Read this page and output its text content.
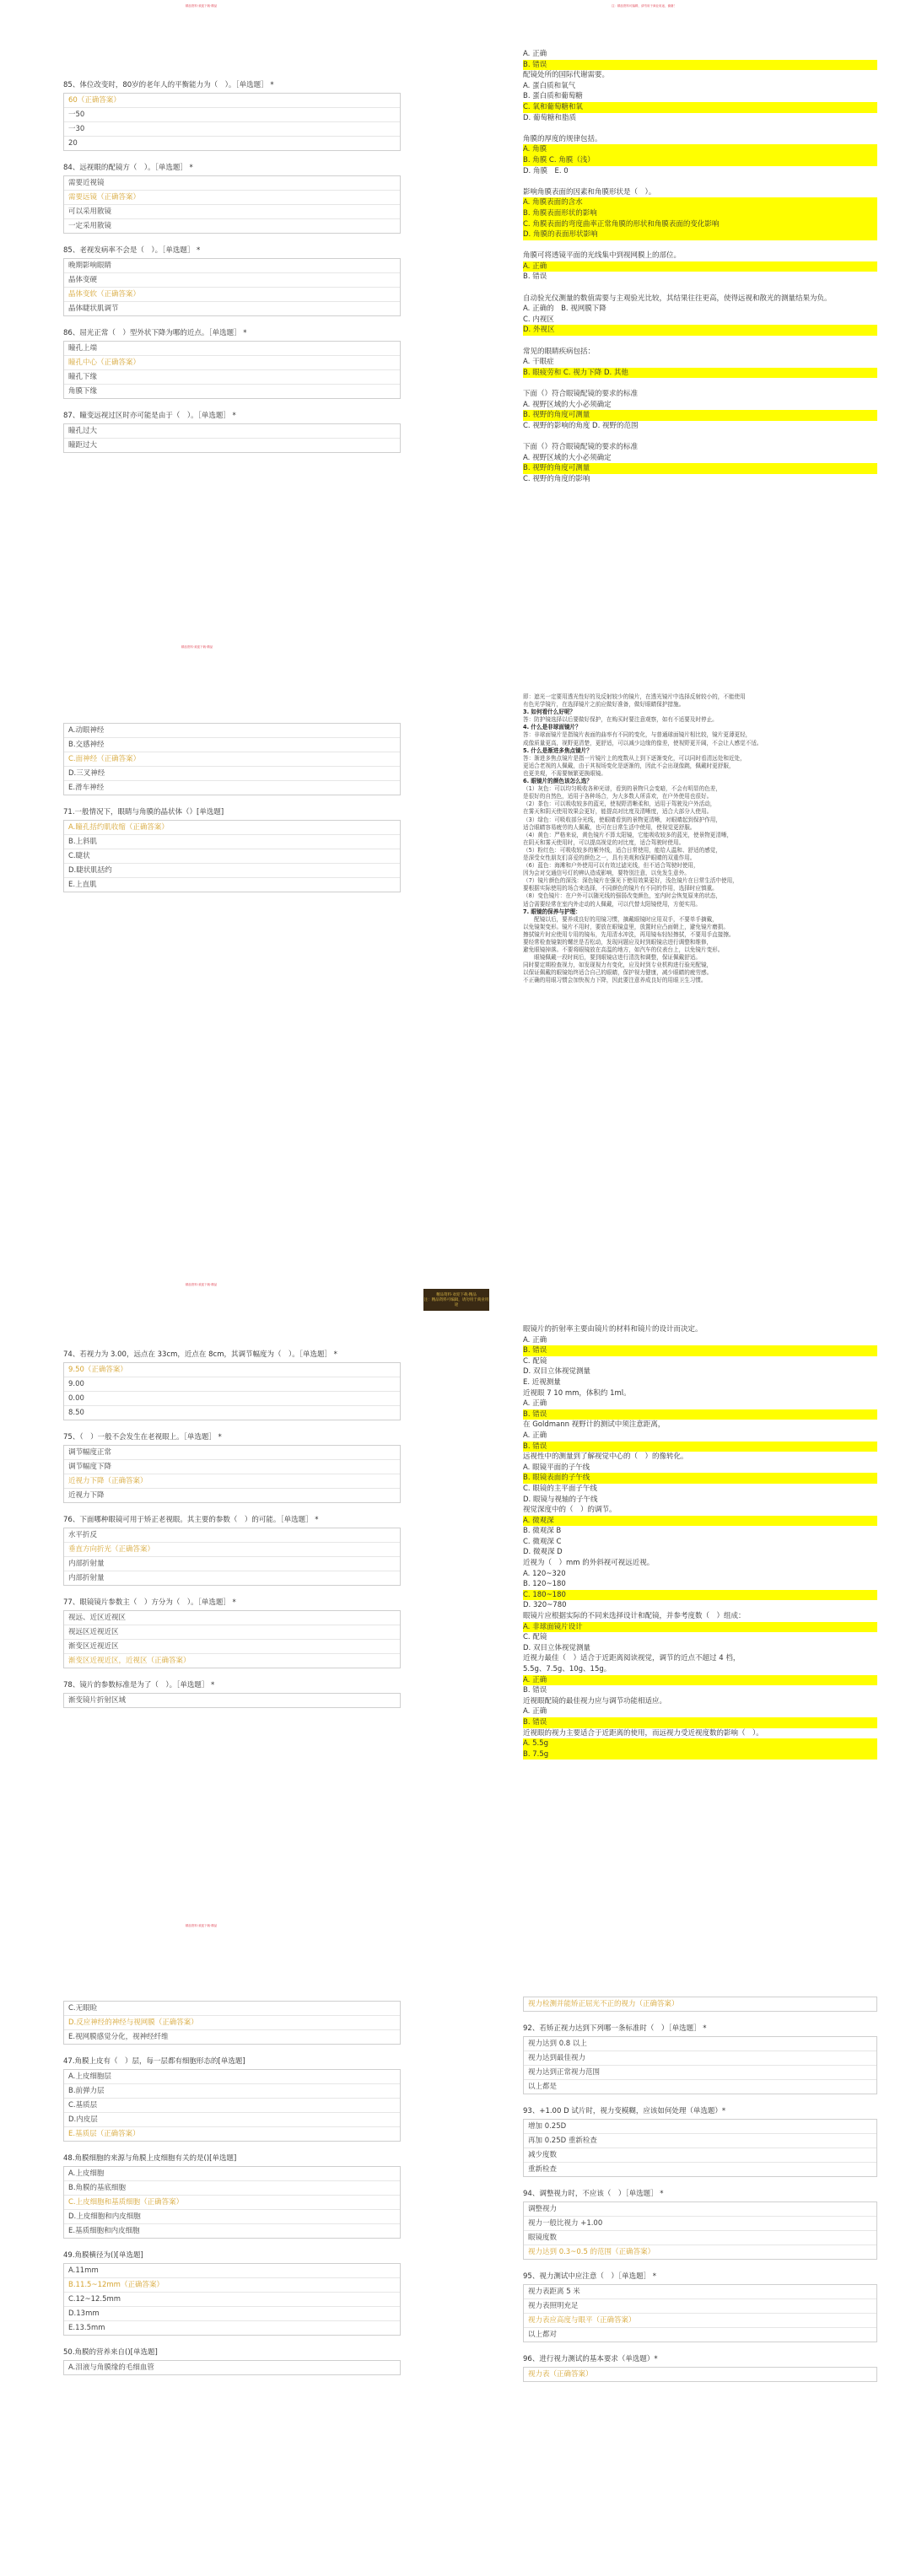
精品资料·欢迎下载·精品	注：精品资料可编辑，请勿用于商业用途，谢谢！
精品资料·欢迎下载·精品
精品资料·欢迎下载·精品
精品资料·欢迎下载·精品
精品资料·欢迎下载·精品
注：精品资料可编辑，请勿用于商业用途
85、体位改变时，80岁的老年人的平衡能力为（　）。［单选题］ *
60（正确答案）
一50
一30
20
84、远视眼的配镜方（　）。［单选题］ *
需要近视镜
需要远镜（正确答案）
可以采用散镜
一定采用散镜
85、老视发病率不会是（　）。［单选题］ *
晚期影响眼睛
晶体变硬
晶体变软（正确答案）
晶体睫状肌调节
86、屈光正常（　）型外状下降为哪的近点。［单选题］ *
瞳孔上端
瞳孔中心（正确答案）
瞳孔下缘
角膜下缘
87、瞳变远视过区时亦可能是由于（　）。［单选题］ *
瞳孔过大
瞳距过大
A. 正确
B. 错误
配镜处所的国际代谢需要。
A. 蛋白质和氧气
B. 蛋白质和葡萄糖
C. 氧和葡萄糖和氧
D. 葡萄糖和脂质
角膜的厚度的规律包括。
A. 角膜
B. 角膜 C. 角膜（浅）
D. 角膜　E. 0
影响角膜表面的因素和角膜形状是（　）。
A. 角膜表面的含水
B. 角膜表面形状的影响
C. 角膜表面的弯度曲率正常角膜的形状和角膜表面的变化影响
D. 角膜的表面形状影响
角膜可将透镜平面的光线集中到视网膜上的部位。
A. 正确
B. 错误
自动验光仪测量的数值需要与主观验光比较，其结果往往更高，使得远视和散光的测量结果为负。
A. 正确的　B. 视网膜下降
C. 内视区
D. 外视区
常见的眼睛疾病包括：
A. 干眼症
B. 眼疲劳和 C. 视力下降 D. 其他
下面（）符合眼镜配镜的要求的标准
A. 视野区域的大小必须确定
B. 视野的角度可测量
C. 视野的影响的角度 D. 视野的范围
下面（）符合眼镜配镜的要求的标准
A. 视野区域的大小必须确定
B. 视野的角度可测量
C. 视野的角度的影响
A.动眼神经
B.交感神经
C.面神经（正确答案）
D.三叉神经
E.滑车神经
71.一般情况下，眼睛与角膜的晶状体（）[单选题]
A.瞳孔括约肌收缩（正确答案）
B.上斜肌
C.睫状
D.睫状肌括约
E.上直肌
即：遮光一定要用透光性好的及反射较少的镜片，在透光镜片中选择反射较小的，不能使用
有色光学镜片，在选择镜片之前应做好准备，做好眼睛保护措施。
3. 如何看什么好呢？
答：防护镜选择以后要做好保护，在购买时要注意观察，如有不适要及时停止。
4. 什么是非球面镜片？
答：非球面镜片是指镜片表面的曲率有不同的变化，与普通球面镜片相比较，镜片更薄更轻，
成像质量更高，视野更清楚，更舒适，可以减少边缘的像差，使视野更开阔，不会让人感觉不适。
5. 什么是渐进多焦点镜片？
答：渐进多焦点镜片是指一片镜片上的度数从上到下逐渐变化，可以同时看清远处和近处，
更适合老视的人佩戴，由于其视场变化是逐渐的，因此不会出现像跳，佩戴时更舒服，
也更美观，不需要频繁更换眼镜。
6. 眼镜片的颜色该怎么选？
（1）灰色：可以均匀吸收各种光谱，看到的景物只会变暗，不会有明显的色差，
是很好的自然色，适用于各种场合，为大多数人所喜欢，在户外使用也很好。
（2）茶色：可以吸收较多的蓝光，使视野清晰柔和，适用于驾驶及户外活动，
在雾天和阴天使用效果会更好，能提高对比度及清晰度，适合大部分人使用。
（3）绿色：可吸收部分光线，使眼睛看到的景物更清晰，对眼睛起到保护作用，
适合眼睛容易疲劳的人佩戴，也可在日常生活中使用，使视觉更舒服。
（4）黄色：严格来说，黄色镜片不算太阳镜，它能吸收较多的蓝光，使景物更清晰，
在阴天和雾天使用时，可以提高视觉的对比度，适合驾驶时使用。
（5）粉红色：可吸收较多的紫外线，适合日常使用，能给人温和、舒适的感觉，
是深受女性朋友们喜爱的颜色之一，具有美观和保护眼睛的双重作用。
（6）蓝色：海滩和户外使用可以有效过滤光线，但不适合驾驶时使用，
因为会对交通信号灯的辨认造成影响，要特别注意，以免发生意外。
（7）镜片颜色的深浅：深色镜片在强光下使用效果更好，浅色镜片在日常生活中使用，
要根据实际使用的场合来选择，不同颜色的镜片有不同的作用，选择时应慎重。
（8）变色镜片：在户外可以随光线的强弱改变颜色，室内时会恢复原来的状态，
适合需要经常在室内外走动的人佩戴，可以代替太阳镜使用，方便实用。
7. 眼镜的保养与护理：
　　配镜以后，要养成良好的用镜习惯，摘戴眼镜时应用双手，不要单手摘戴，
以免镜架变形。镜片不用时，要放在眼镜盒里，放置时应凸面朝上，避免镜片磨损。
擦拭镜片时应使用专用的镜布，先用清水冲洗，再用镜布轻轻擦拭，不要用手直接擦。
要经常检查镜架的螺丝是否松动，发现问题应及时到眼镜店进行调整和维修，
避免眼镜掉落。不要将眼镜放在高温的地方，如汽车的仪表台上，以免镜片变形。
　　眼镜佩戴一段时间后，要到眼镜店进行清洗和调整，保证佩戴舒适。
同时要定期检查视力，如发现视力有变化，应及时到专业机构进行验光配镜，
以保证佩戴的眼镜始终适合自己的眼睛，保护视力健康，减少眼睛的疲劳感。
不正确的用眼习惯会加快视力下降，因此要注意养成良好的用眼卫生习惯。
74、若视力为 3.00，远点在 33cm，近点在 8cm，其调节幅度为（　）。［单选题］ *
9.50（正确答案）
9.00
0.00
8.50
75、（　）一般不会发生在老视眼上。［单选题］ *
调节幅度正常
调节幅度下降
近视力下降（正确答案）
近视力下降
76、下面哪种眼镜可用于矫正老视眼。其主要的参数（　）的可能。［单选题］ *
水平折反
垂直方向折光（正确答案）
内部折射量
内部折射量
77、眼镜镜片参数主（　）方分为（　）。［单选题］ *
视远、近区近视区
视远区近视近区
渐变区近视近区
渐变区近视近区，近视区（正确答案）
78、镜片的参数标准是为了（　）。［单选题］ *
渐变镜片折射区域
眼镜片的折射率主要由镜片的材料和镜片的设计而决定。
A. 正确
B. 错误
C. 配镜
D. 双目立体视觉测量
E. 近视测量
近视眼 7 10 mm，体积约 1ml。
A. 正确
B. 错误
在 Goldmann 视野计的测试中须注意距离，
A. 正确
B. 错误
远视性中的测量到了解视觉中心的（　）的像转化。
A. 眼镜平面的子午线
B. 眼镜表面的子午线
C. 眼镜的主平面子午线
D. 眼镜与视轴的子午线
视觉深度中的（　）的调节。
A. 微观深
B. 微观深 B
C. 微观深 C
D. 微观深 D
近视为（　）mm 的外斜视可视远近视。
A. 120~320
B. 120~180
C. 180~180
D. 320~780
眼镜片应根据实际的不同来选择设计和配镜，并参考度数（　）组成：
A. 非球面镜片设计
C. 配镜
D. 双目立体视觉测量
近视力最佳（　）适合于近距离阅读视觉，调节的近点不超过 4 档，
5.5g、7.5g、10g、15g。
A. 正确
B. 错误
近视眼配镜的最佳视力应与调节功能相适应。
A. 正确
B. 错误
近视眼的视力主要适合于近距离的使用，而远视力受近视度数的影响（　）。
A. 5.5g
B. 7.5g
C.无眼睑
D.反应神经的神经与视网膜（正确答案）
E.视网膜感觉分化，视神经纤维
47.角膜上皮有（　）层，每一层都有细胞形态的[单选题]
A.上皮细胞层
B.前弹力层
C.基质层
D.内皮层
E.基质层（正确答案）
48.角膜细胞的来源与角膜上皮细胞有关的是()[单选题]
A.上皮细胞
B.角膜的基底细胞
C.上皮细胞和基质细胞（正确答案）
D.上皮细胞和内皮细胞
E.基质细胞和内皮细胞
49.角膜横径为()[单选题]
A.11mm
B.11.5~12mm（正确答案）
C.12~12.5mm
D.13mm
E.13.5mm
50.角膜的营养来自()[单选题]
A.泪液与角膜缘的毛细血管
视力检测并能矫正屈光不正的视力（正确答案）
92、若矫正视力达到下列哪一条标准时（　）［单选题］ *
视力达到 0.8 以上
视力达到最佳视力
视力达到正常视力范围
以上都是
93、+1.00 D 试片时，视力变模糊，应该如何处理（单选题）*
增加 0.25D
再加 0.25D 重新检查
减少度数
重新检查
94、调整视力时，不应该（　）［单选题］ *
调整视力
视力一般比视力 +1.00
眼镜度数
视力达到 0.3~0.5 的范围（正确答案）
95、视力测试中应注意（　）［单选题］ *
视力表距离 5 米
视力表照明充足
视力表应高度与眼平（正确答案）
以上都对
96、进行视力测试的基本要求（单选题）*
视力表（正确答案）
